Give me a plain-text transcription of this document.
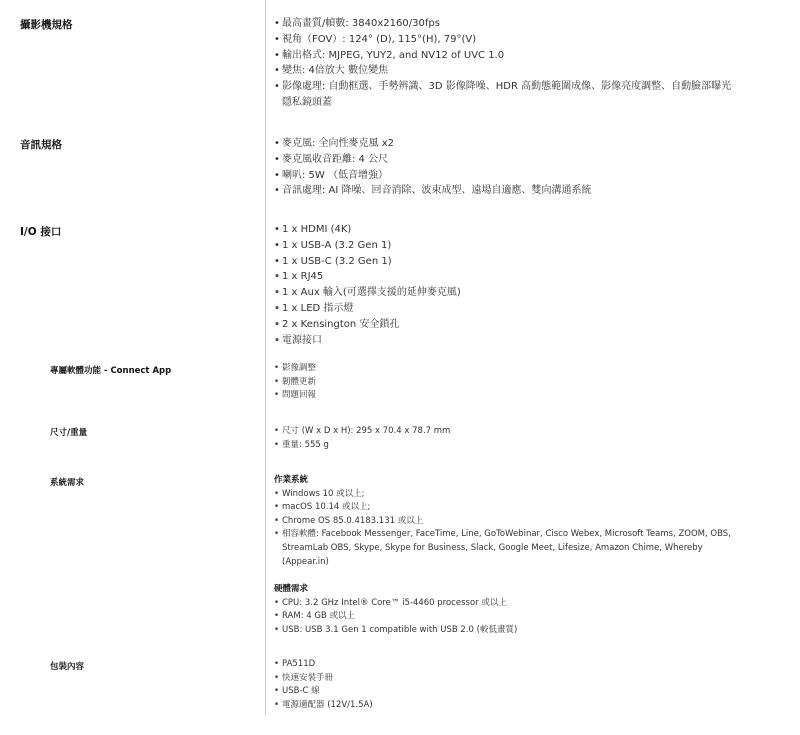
攝影機規格	• 最高畫質/幀數: 3840x2160/30fps
• 視角（FOV）: 124° (D), 115°(H), 79°(V)
• 輸出格式: MJPEG, YUY2, and NV12 of UVC 1.0
• 變焦: 4倍放大 數位變焦
• 影像處理: 自動框選、手勢辨識、3D 影像降噪、HDR 高動態範圍成像、影像亮度調整、自動臉部曝光
隱私鏡頭蓋
音訊規格	• 麥克風: 全向性麥克風 x2
• 麥克風收音距離: 4 公尺
• 喇叭: 5W （低音增強）
• 音訊處理: AI 降噪、回音消除、波束成型、遠場自適應、雙向溝通系統
I/O 接口	• 1 x HDMI (4K)
• 1 x USB-A (3.2 Gen 1)
• 1 x USB-C (3.2 Gen 1)
• 1 x RJ45
• 1 x Aux 輸入(可選擇支援的延伸麥克風)
• 1 x LED 指示燈
• 2 x Kensington 安全鎖孔
• 電源接口
專屬軟體功能 - Connect App	• 影像調整
• 韌體更新
• 問題回報
尺寸/重量	• 尺寸 (W x D x H): 295 x 70.4 x 78.7 mm
• 重量: 555 g
系統需求	作業系統
• Windows 10 或以上;
• macOS 10.14 或以上;
• Chrome OS 85.0.4183.131 或以上
• 相容軟體: Facebook Messenger, FaceTime, Line, GoToWebinar, Cisco Webex, Microsoft Teams, ZOOM, OBS,
StreamLab OBS, Skype, Skype for Business, Slack, Google Meet, Lifesize, Amazon Chime, Whereby
(Appear.in)
硬體需求
• CPU: 3.2 GHz Intel® Core™ i5-4460 processor 或以上
• RAM: 4 GB 或以上
• USB: USB 3.1 Gen 1 compatible with USB 2.0 (較低畫質)
包裝內容	• PA511D
• 快速安裝手冊
• USB-C 線
• 電源適配器 (12V/1.5A)
